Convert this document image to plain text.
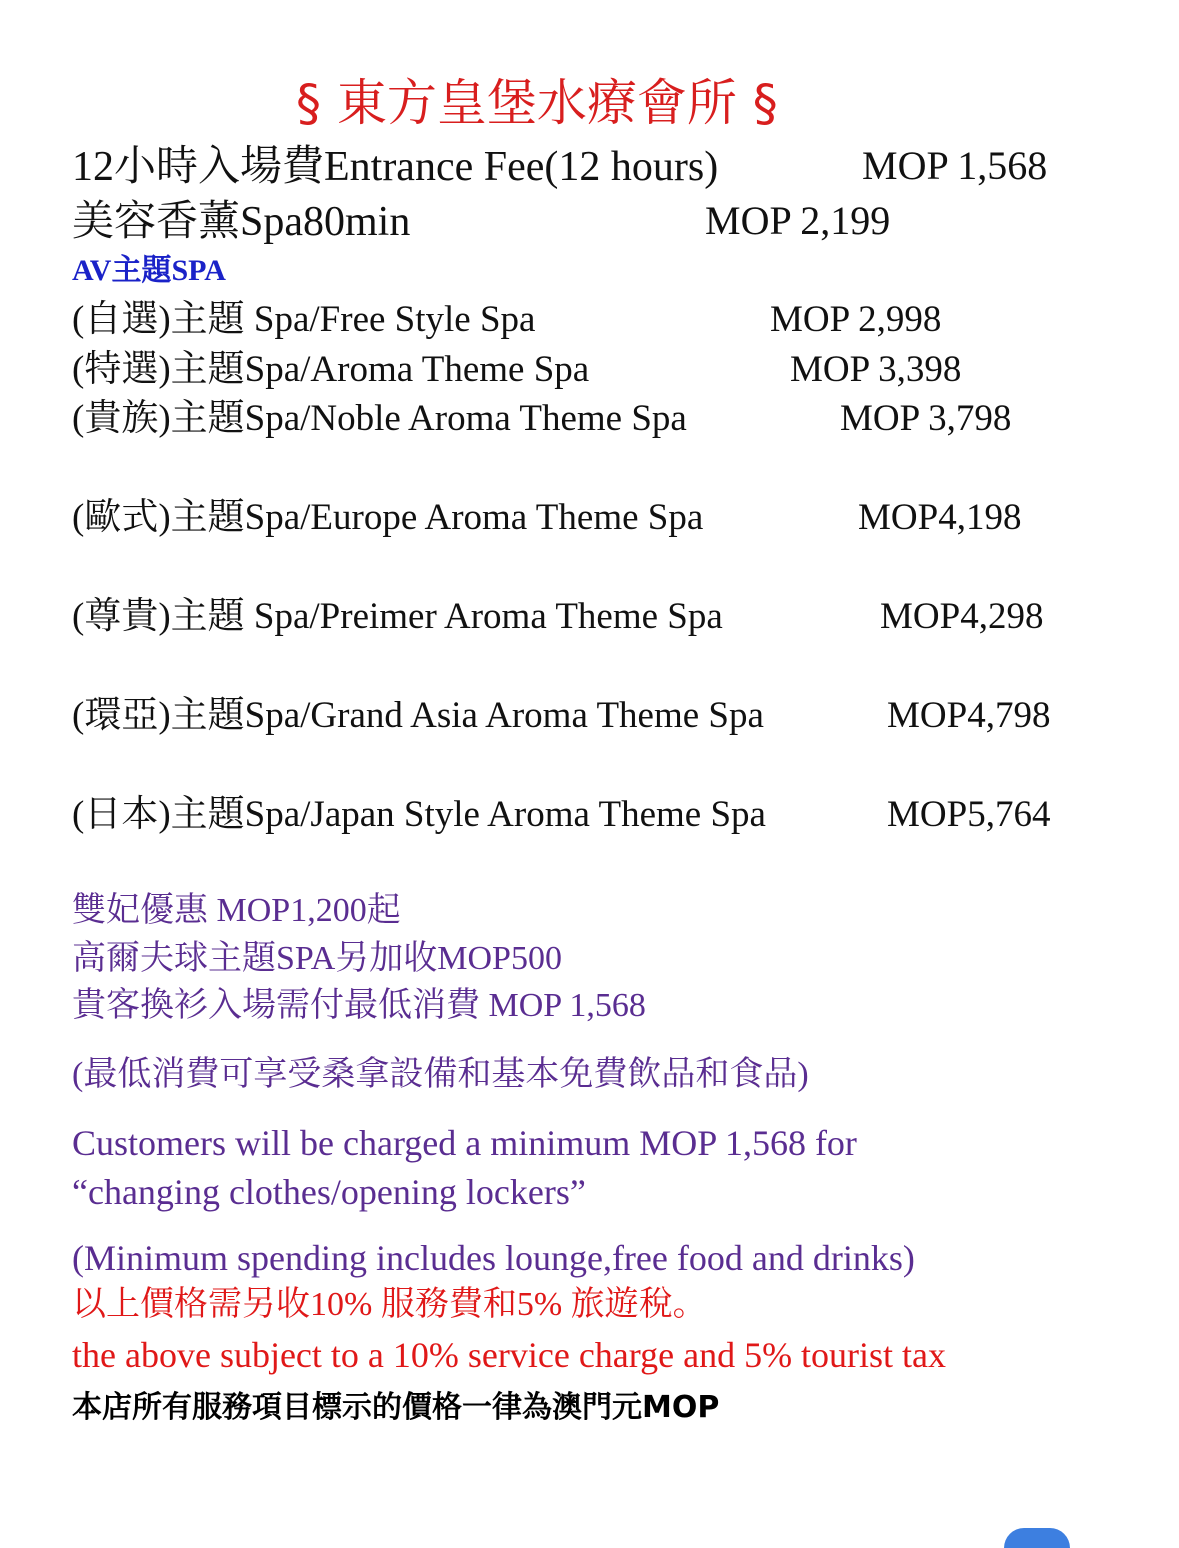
§ 東方皇堡水療會所 §
12小時入場費Entrance Fee(12 hours)	MOP 1,568
美容香薰Spa80min	MOP 2,199
AV主題SPA
(自選)主題 Spa/Free Style Spa	MOP 2,998
(特選)主題Spa/Aroma Theme Spa	MOP 3,398
(貴族)主題Spa/Noble Aroma Theme Spa	MOP 3,798
(歐式)主題Spa/Europe Aroma Theme Spa	MOP4,198
(尊貴)主題 Spa/Preimer Aroma Theme Spa	MOP4,298
(環亞)主題Spa/Grand Asia Aroma Theme Spa	MOP4,798
(日本)主題Spa/Japan Style Aroma Theme Spa	MOP5,764
雙妃優惠 MOP1,200起
高爾夫球主題SPA另加收MOP500
貴客換衫入場需付最低消費 MOP 1,568
(最低消費可享受桑拿設備和基本免費飲品和食品)
Customers will be charged a minimum MOP 1,568 for
“changing clothes/opening lockers”
(Minimum spending includes lounge,free food and drinks)
以上價格需另收10% 服務費和5% 旅遊稅。
the above subject to a 10% service charge and 5% tourist tax
本店所有服務項目標示的價格一律為澳門元MOP
